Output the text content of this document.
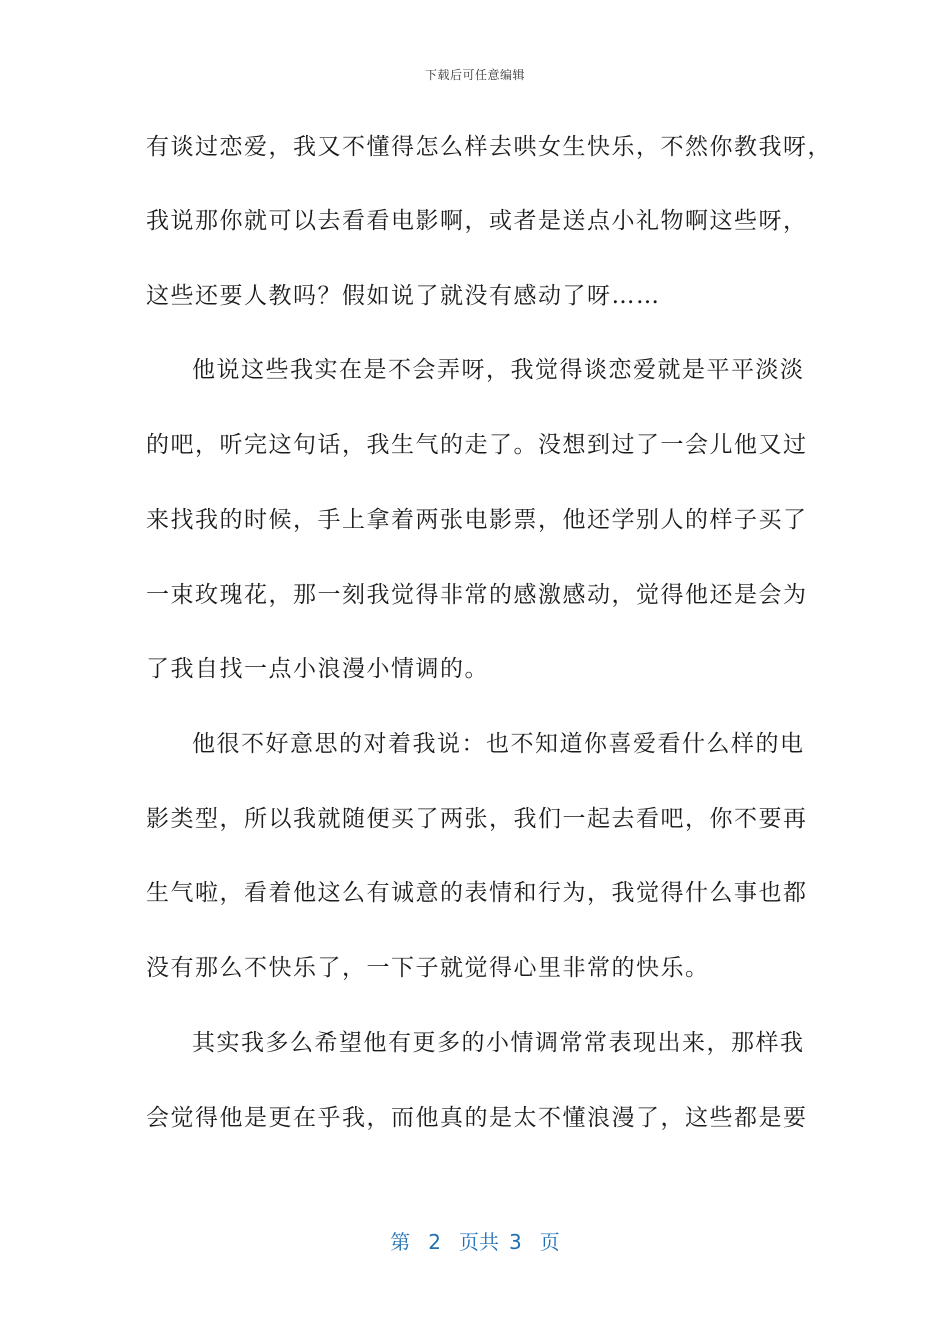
下载后可任意编辑
有谈过恋爱，我又不懂得怎么样去哄女生快乐，不然你教我呀，
我说那你就可以去看看电影啊，或者是送点小礼物啊这些呀，
这些还要人教吗？假如说了就没有感动了呀……
他说这些我实在是不会弄呀，我觉得谈恋爱就是平平淡淡
的吧，听完这句话，我生气的走了。没想到过了一会儿他又过
来找我的时候，手上拿着两张电影票，他还学别人的样子买了
一束玫瑰花，那一刻我觉得非常的感激感动，觉得他还是会为
了我自找一点小浪漫小情调的。
他很不好意思的对着我说：也不知道你喜爱看什么样的电
影类型，所以我就随便买了两张，我们一起去看吧，你不要再
生气啦，看着他这么有诚意的表情和行为，我觉得什么事也都
没有那么不快乐了，一下子就觉得心里非常的快乐。
其实我多么希望他有更多的小情调常常表现出来，那样我
会觉得他是更在乎我，而他真的是太不懂浪漫了，这些都是要
第 2 页共 3 页
